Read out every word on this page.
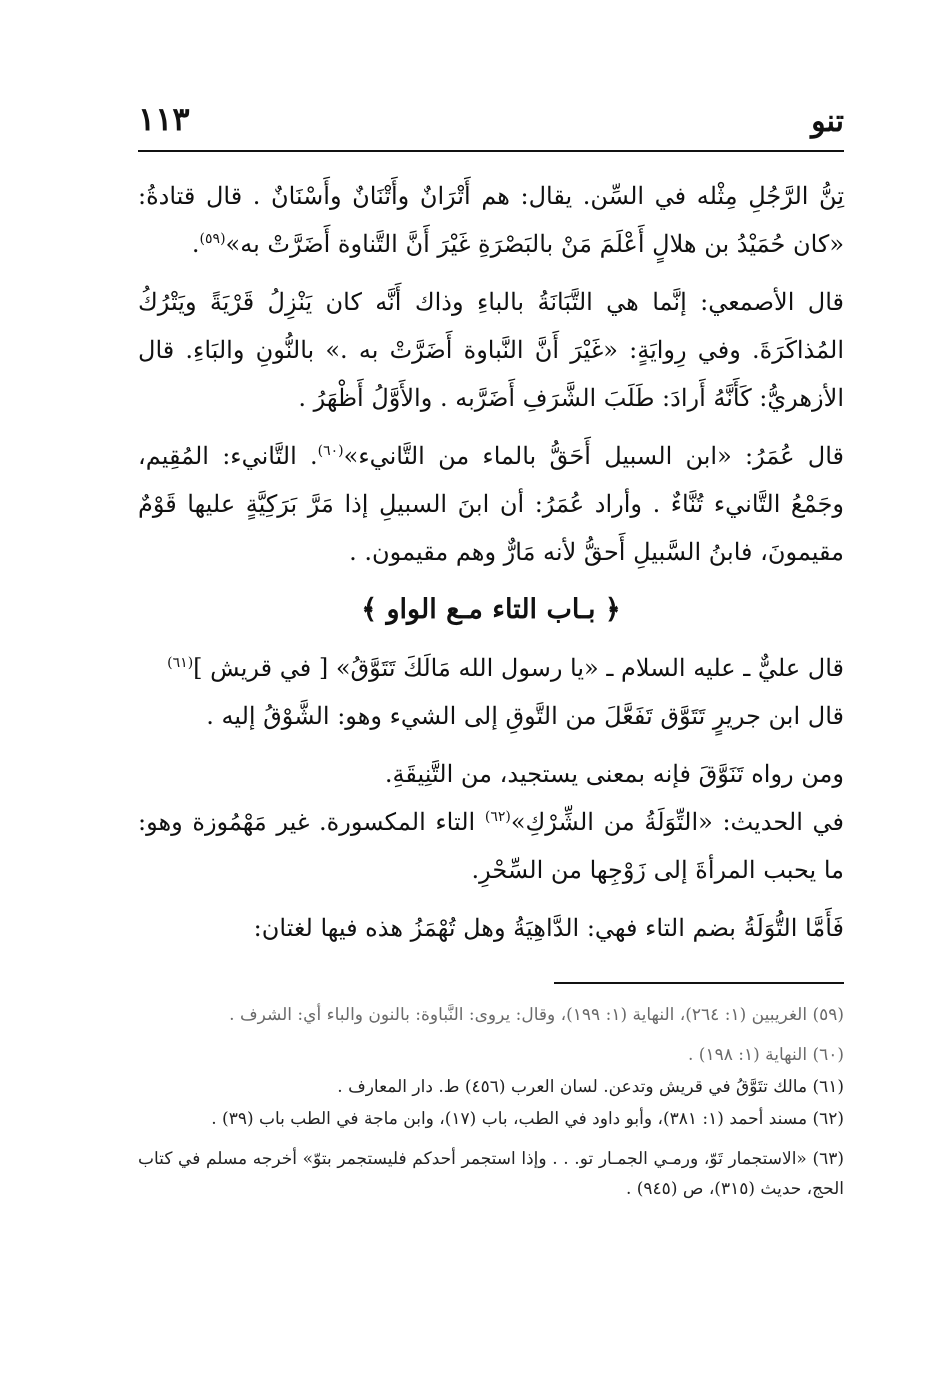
تنو
١١٣

تِنُّ الرَّجُلِ مِثْله في السِّن. يقال: هم أَتْرَانٌ وأَتْنَانٌ وأَسْنَانٌ . قال قتادةُ: «كان حُمَيْدُ بن هلالٍ أَعْلَمَ مَنْ بالبَصْرَةِ غَيْرَ أَنَّ التَّناوة أَضَرَّتْ به»$^{(٥٩)}$.

قال الأصمعي: إنَّما هي التَّبَانَةُ بالباءِ وذاك أَنَّه كان يَنْزِلُ قَرْيَةً ويَتْرُكُ المُذاكَرَةَ. وفي رِوايَةٍ: «غَيْرَ أَنَّ النَّباوة أَضَرَّتْ به .» بالنُّونِ والبَاءِ. قال الأزهريُّ: كَأَنَّهُ أَرادَ: طَلَبَ الشَّرَفِ أَضَرَّبه . والأَوَّلُ أَظْهَرُ .

قال عُمَرُ: «ابن السبيل أَحَقُّ بالماء من التَّانيء»$^{(٦٠)}$. التَّانيء: المُقِيم، وجَمْعُ التَّانيء تُنَّاءٌ . وأراد عُمَرُ: أن ابنَ السبيلِ إذا مَرَّ بَرَكِيَّةٍ عليها قَوْمٌ مقيمونَ، فابنُ السَّبيلِ أَحقُّ لأنه مَارٌّ وهم مقيمون. .

﴿ بـاب التاء مـع الواو ﴾

قال عليٌّ ـ عليه السلام ـ «يا رسول الله مَالَكَ تَتَوَّقُ» [ في قريش ]$^{(٦١)}$

قال ابن جريرٍ تَتَوَّق تَفَعَّلَ من التَّوقِ إلى الشيء وهو: الشَّوْقُ إليه .

ومن رواه تَنَوَّقَ فإنه بمعنى يستجيد، من التَّنِيقَةِ.

في الحديث: «التِّوَلَةُ من الشِّرْكِ»$^{(٦٢)}$ التاء المكسورة. غير مَهْمُوزة وهو: ما يحبب المرأةَ إلى زَوْجِها من السِّحْرِ.

فَأَمَّا التُّوَلَةُ بضم التاء فهي: الدَّاهِيَةُ وهل تُهْمَزُ هذه فيها لغتان:

(٥٩) الغريبين (١: ٢٦٤)، النهاية (١: ١٩٩)، وقال: يروى: النَّباوة: بالنون والباء أي: الشرف .

(٦٠) النهاية (١: ١٩٨) .

(٦١) مالك تتَوَّقُ في قريش وتدعن. لسان العرب (٤٥٦) ط. دار المعارف .

(٦٢) مسند أحمد (١: ٣٨١)، وأبو داود في الطب، باب (١٧)، وابن ماجة في الطب باب (٣٩) .

(٦٣) «الاستجمار تَوّ، ورمـي الجمـار تو. . . وإذا استجمر أحدكم فليستجمر بتوّ» أخرجه مسلم في كتاب الحج، حديث (٣١٥)، ص (٩٤٥) .
